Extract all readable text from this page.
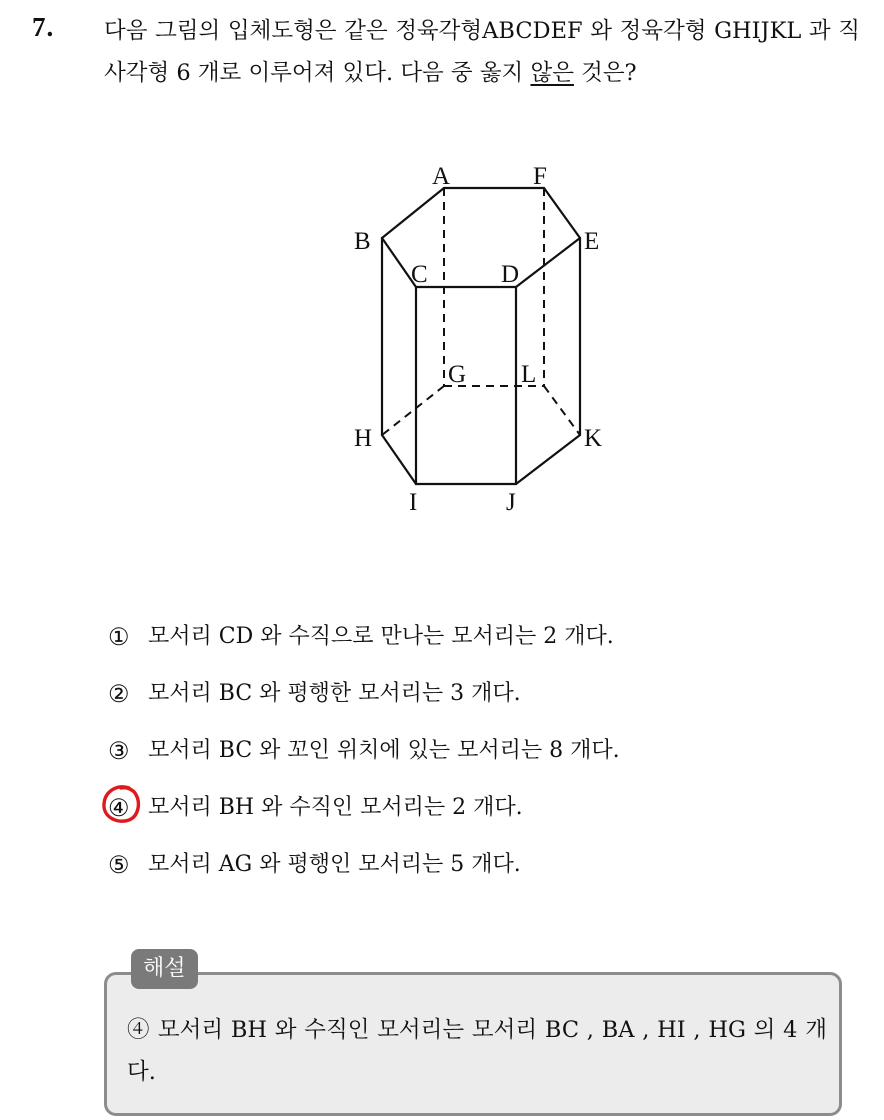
7. 다음 그림의 입체도형은 같은 정육각형ABCDEF 와 정육각형 GHIJKL 과 직사각형 6 개로 이루어져 있다. 다음 중 옳지 않은 것은?
A	F
B	E
C	D
G L
H	K
I	J
① 모서리 CD 와 수직으로 만나는 모서리는 2 개다.
② 모서리 BC 와 평행한 모서리는 3 개다.
③ 모서리 BC 와 꼬인 위치에 있는 모서리는 8 개다.
④ 모서리 BH 와 수직인 모서리는 2 개다.
⑤ 모서리 AG 와 평행인 모서리는 5 개다.
해설
④ 모서리 BH 와 수직인 모서리는 모서리 BC , BA , HI , HG 의 4 개다.
